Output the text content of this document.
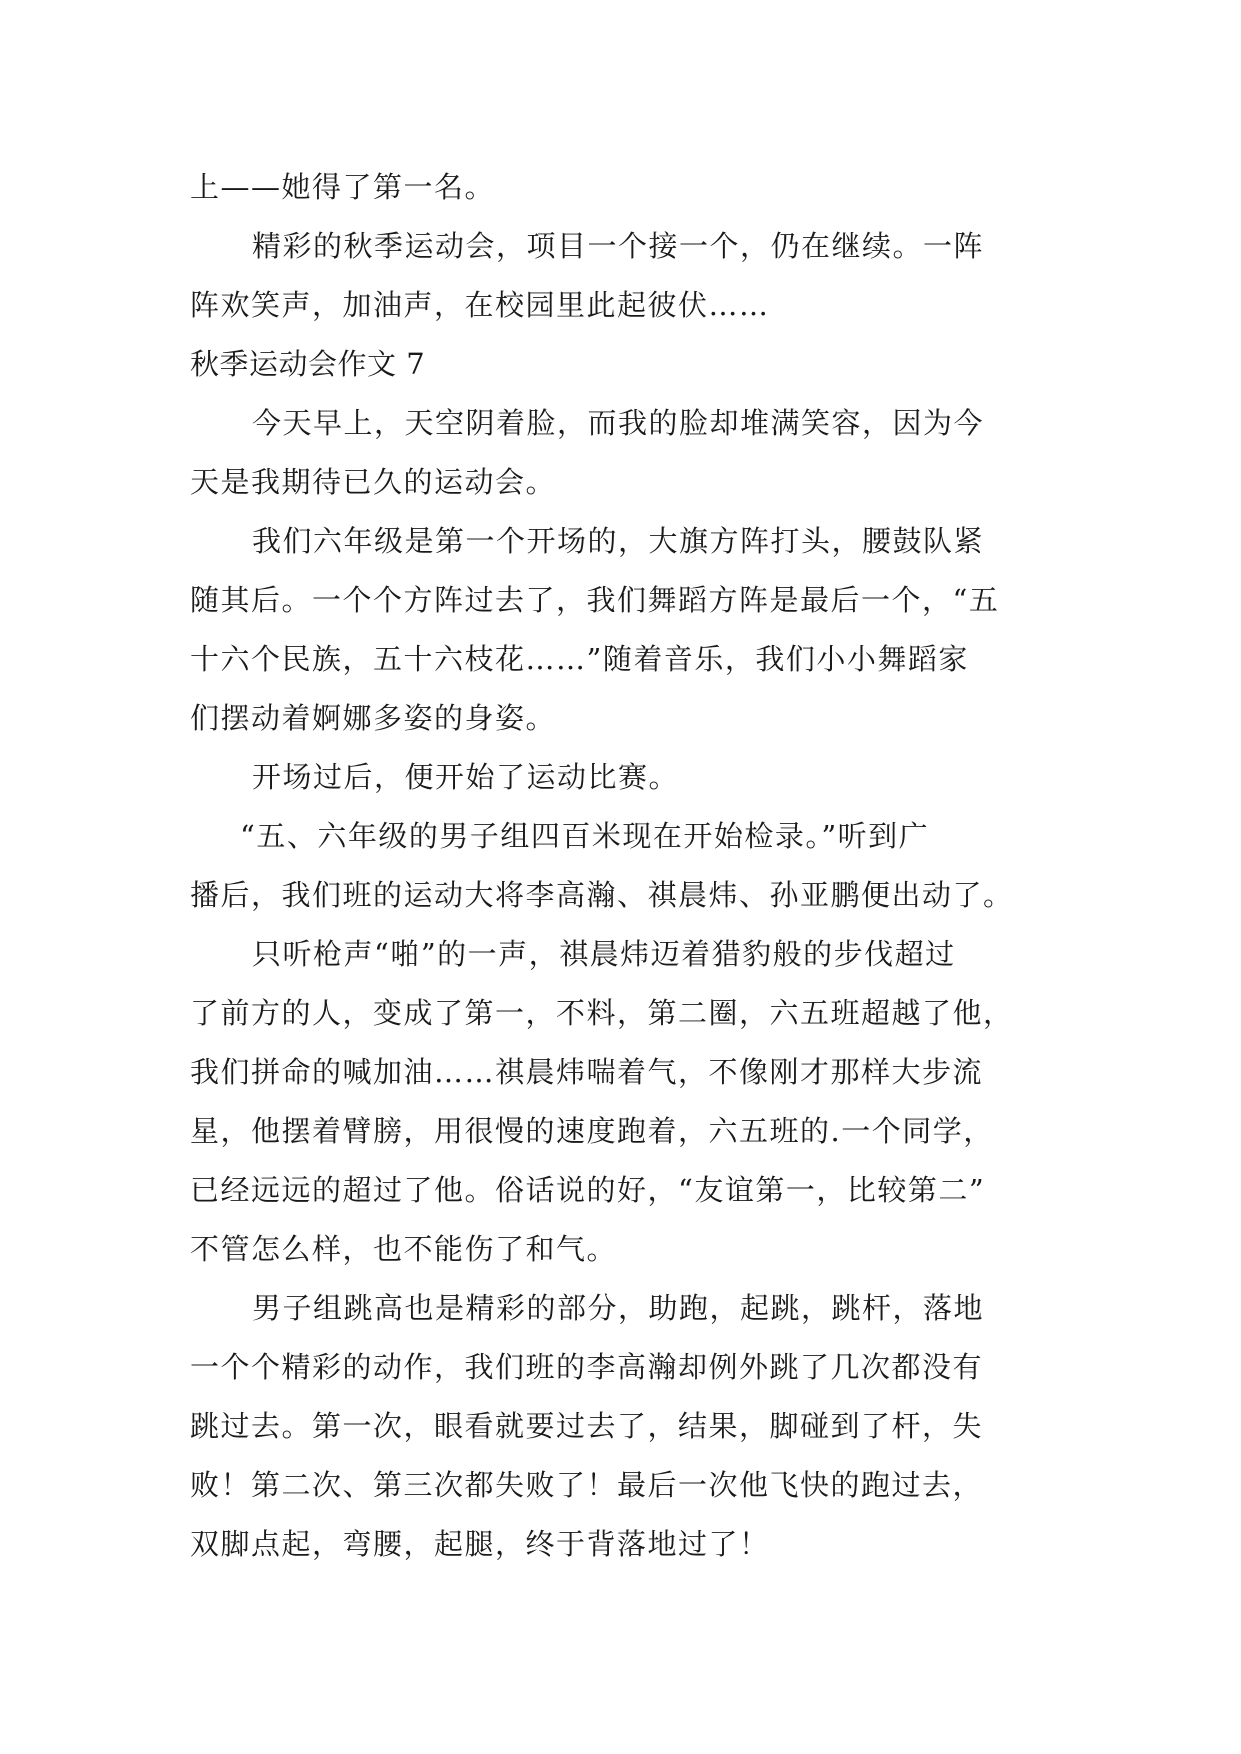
上——她得了第一名。
精彩的秋季运动会，项目一个接一个，仍在继续。一阵
阵欢笑声，加油声，在校园里此起彼伏……
秋季运动会作文 7
今天早上，天空阴着脸，而我的脸却堆满笑容，因为今
天是我期待已久的运动会。
我们六年级是第一个开场的，大旗方阵打头，腰鼓队紧
随其后。一个个方阵过去了，我们舞蹈方阵是最后一个，“五
十六个民族，五十六枝花……”随着音乐，我们小小舞蹈家
们摆动着婀娜多姿的身姿。
开场过后，便开始了运动比赛。
“五、六年级的男子组四百米现在开始检录。”听到广
播后，我们班的运动大将李高瀚、祺晨炜、孙亚鹏便出动了。
只听枪声“啪”的一声，祺晨炜迈着猎豹般的步伐超过
了前方的人，变成了第一，不料，第二圈，六五班超越了他，
我们拼命的喊加油……祺晨炜喘着气，不像刚才那样大步流
星，他摆着臂膀，用很慢的速度跑着，六五班的.一个同学，
已经远远的超过了他。俗话说的好，“友谊第一，比较第二”
不管怎么样，也不能伤了和气。
男子组跳高也是精彩的部分，助跑，起跳，跳杆，落地
一个个精彩的动作，我们班的李高瀚却例外跳了几次都没有
跳过去。第一次，眼看就要过去了，结果，脚碰到了杆，失
败！第二次、第三次都失败了！最后一次他飞快的跑过去，
双脚点起，弯腰，起腿，终于背落地过了！
